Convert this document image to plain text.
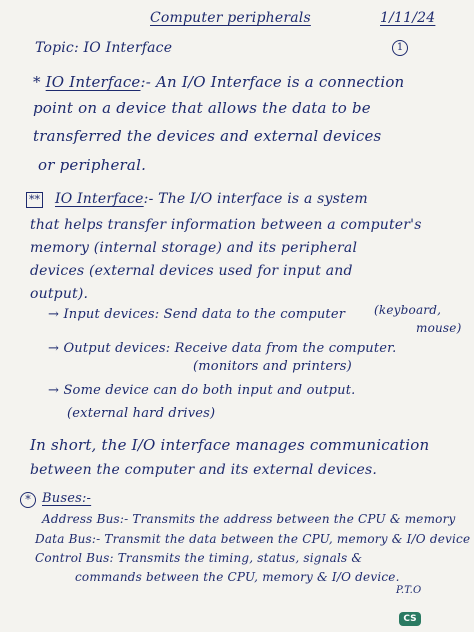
Computer peripherals	1/11/24
1
Topic: IO Interface
* IO Interface:- An I/O Interface is a connection
point on a device that allows the data to be
transferred the devices and external devices
or peripheral.
** IO Interface:- The I/O interface is a system
that helps transfer information between a computer's
memory (internal storage) and its peripheral
devices (external devices used for input and
output).
→ Input devices: Send data to the computer (keyboard,
mouse)
→ Output devices: Receive data from the computer.
(monitors and printers)
→ Some device can do both input and output.
(external hard drives)
In short, the I/O interface manages communication
between the computer and its external devices.
* Buses:-
Address Bus:- Transmits the address between the CPU & memory
Data Bus:- Transmit the data between the CPU, memory & I/O device
Control Bus: Transmits the timing, status, signals &
commands between the CPU, memory & I/O device.
P.T.O
CS
